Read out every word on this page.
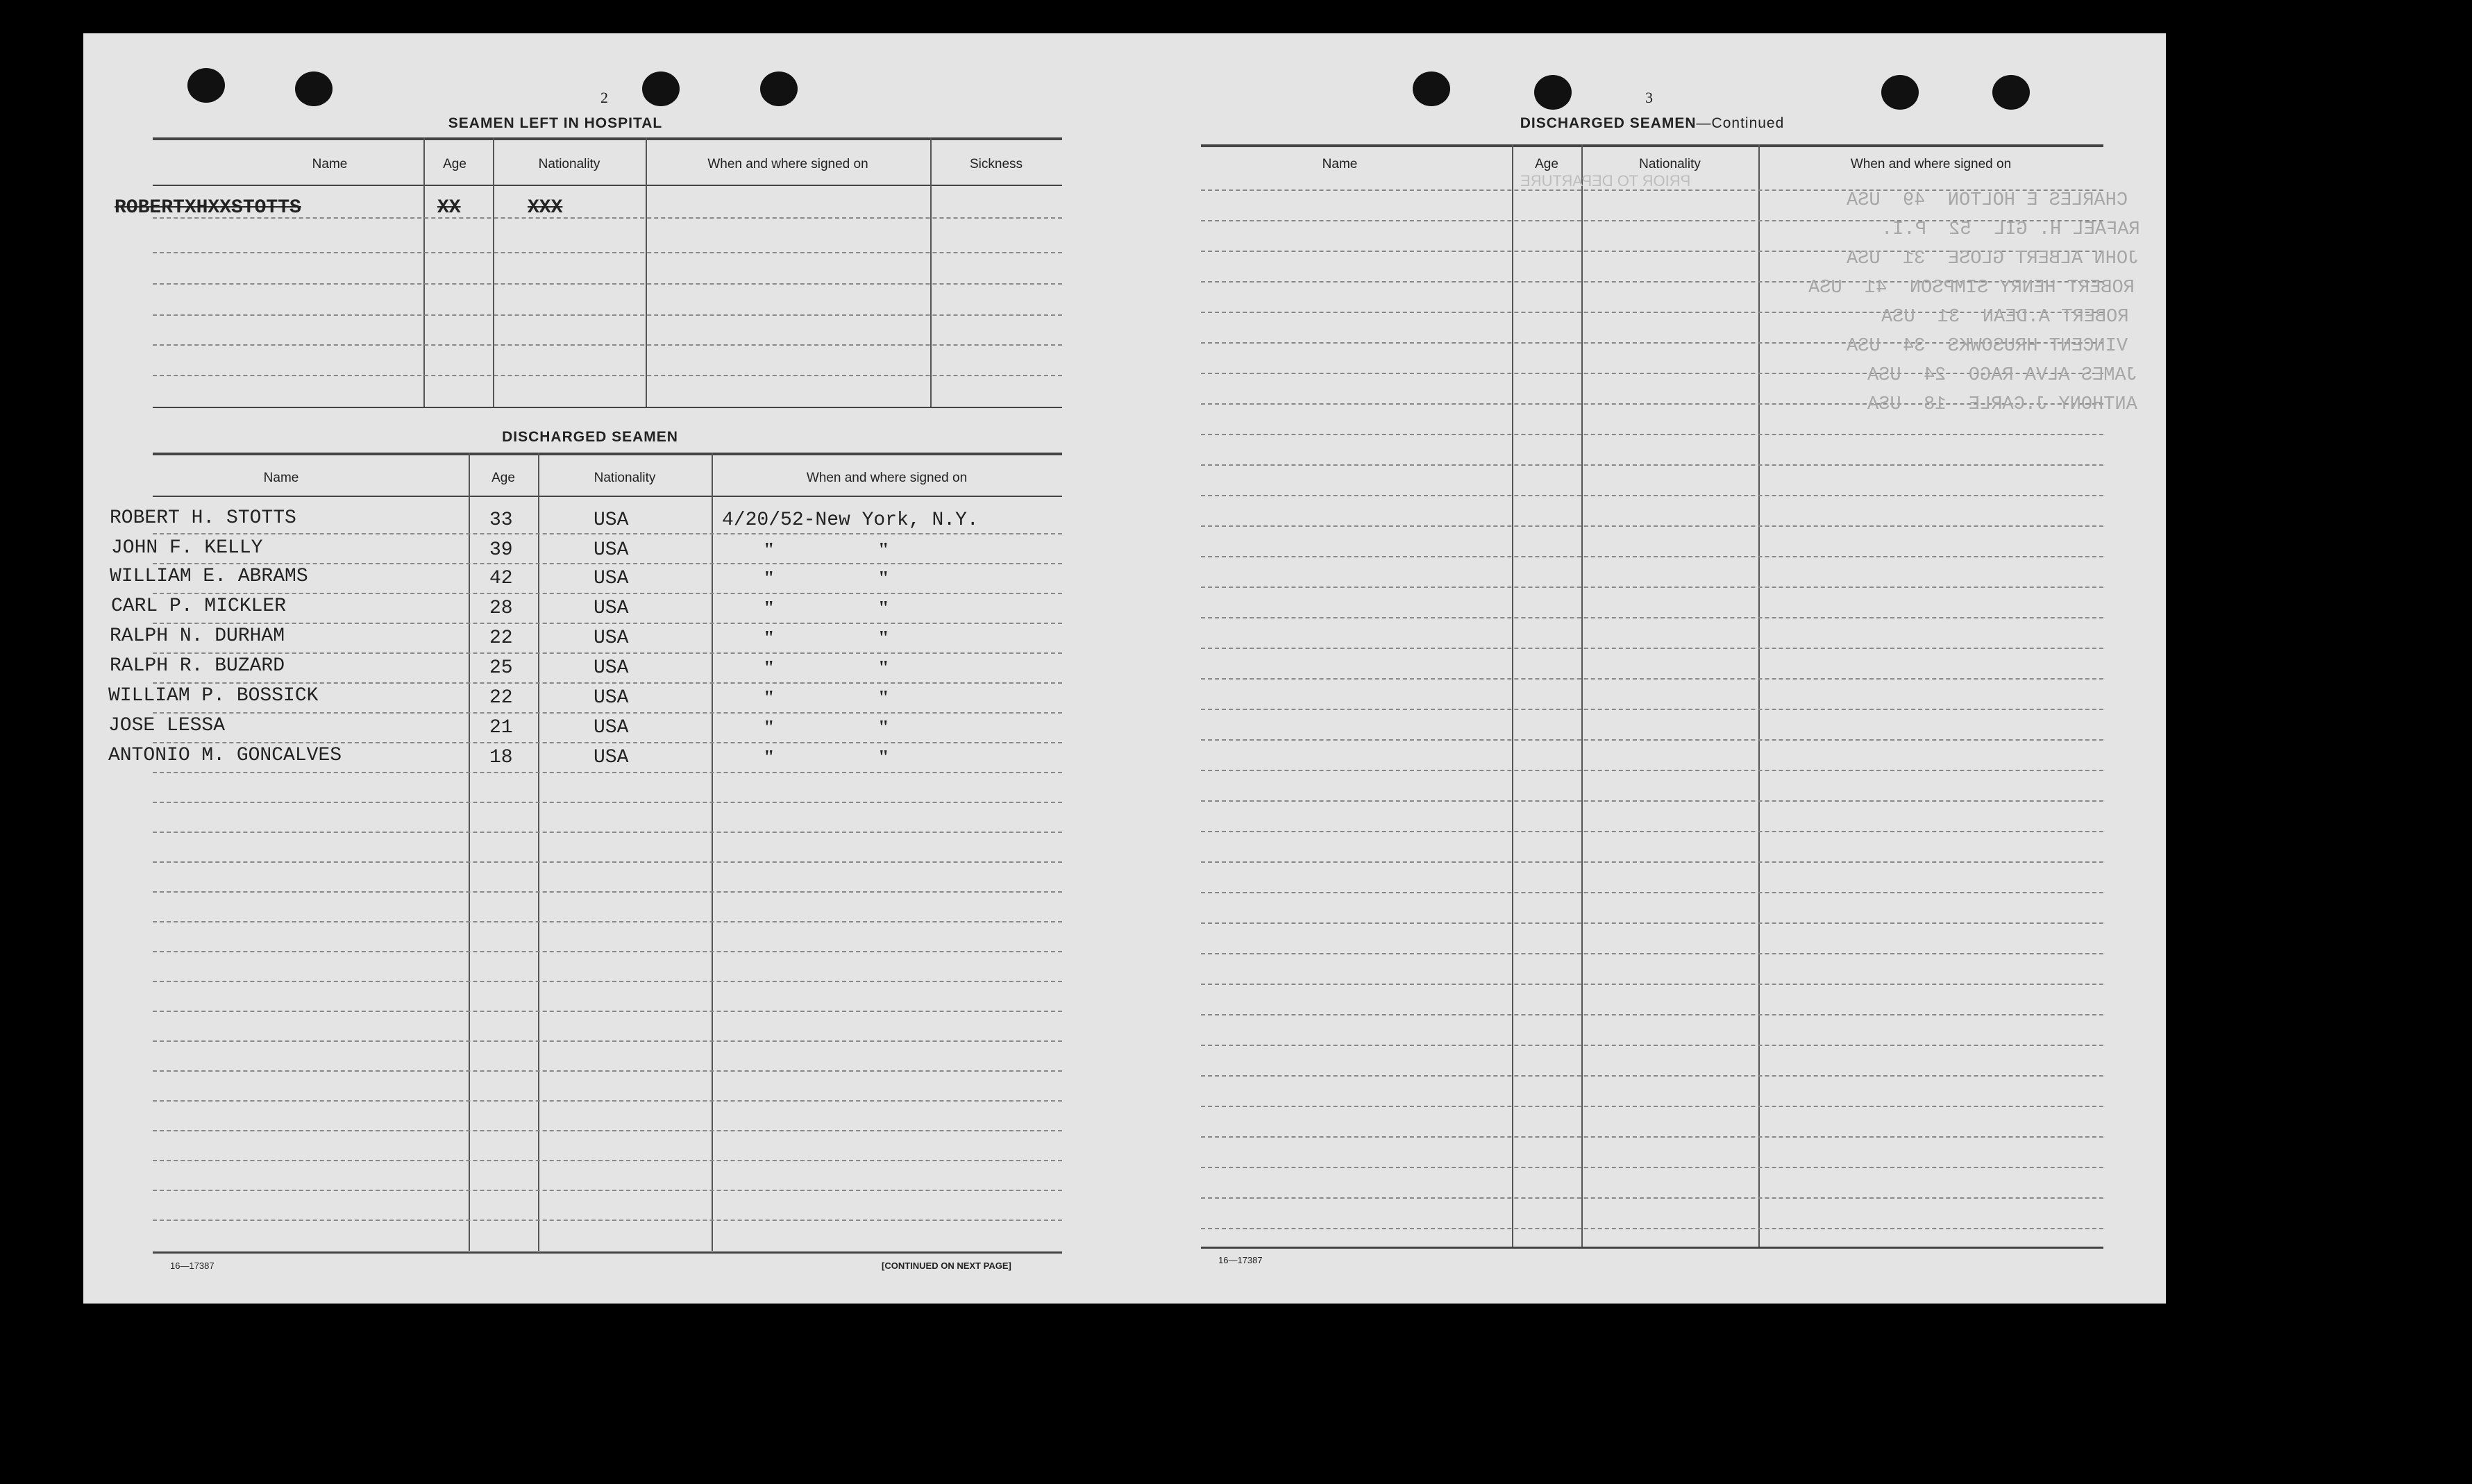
2
SEAMEN LEFT IN HOSPITAL
Name	Age	Nationality	When and where signed on	Sickness
ROBERTXHXXSTOTTS	XX	XXX
DISCHARGED SEAMEN
Name	Age	Nationality	When and where signed on
ROBERT H. STOTTS	33	USA	4/20/52-New York, N.Y.
JOHN F. KELLY	39	USA	"	"
WILLIAM E. ABRAMS	42	USA	"	"
CARL P. MICKLER	28	USA	"	"
RALPH N. DURHAM	22	USA	"	"
RALPH R. BUZARD	25	USA	"	"
WILLIAM P. BOSSICK	22	USA	"	"
JOSE LESSA	21	USA	"	"
ANTONIO M. GONCALVES	18	USA	"	"
16—17387	[CONTINUED ON NEXT PAGE]
3
DISCHARGED SEAMEN—Continued
Name	Age	Nationality	When and where signed on
PRIOR TO DEPARTURE
CHARLES E HOLTON  49  USA
RAFAEL H. GIL  52  P.I.
JOHN ALBERT GLOSE  31  USA
ROBERT HENRY SIMPSON  41  USA
ROBERT A.DEAN  31  USA
VINCENT HRUSOWKS  34  USA
JAMES ALVA RAGO  24  USA
ANTHONY J.CARLE  18  USA
16—17387
